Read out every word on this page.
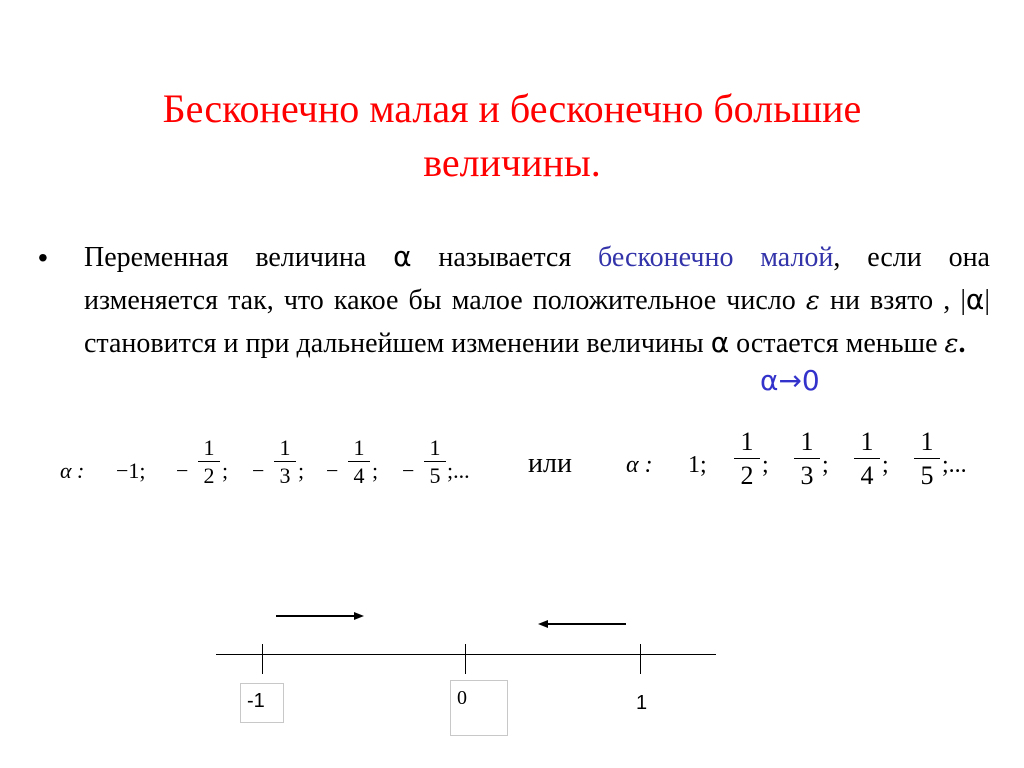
Бесконечно малая и бесконечно большие
величины.
• Переменная величина α называется бесконечно малой, если она изменяется так, что какое бы малое положительное число ε ни взято , |α| становится и при дальнейшем изменении величины α остается меньше ε.
α→0
α : −1; −
1
2 ; −
1
3 ; −
1
4 ; −
1
5 ;... или α : 1;
1
2 ;
1
3 ;
1
4 ;
1
5 ;...
-1	0	1
